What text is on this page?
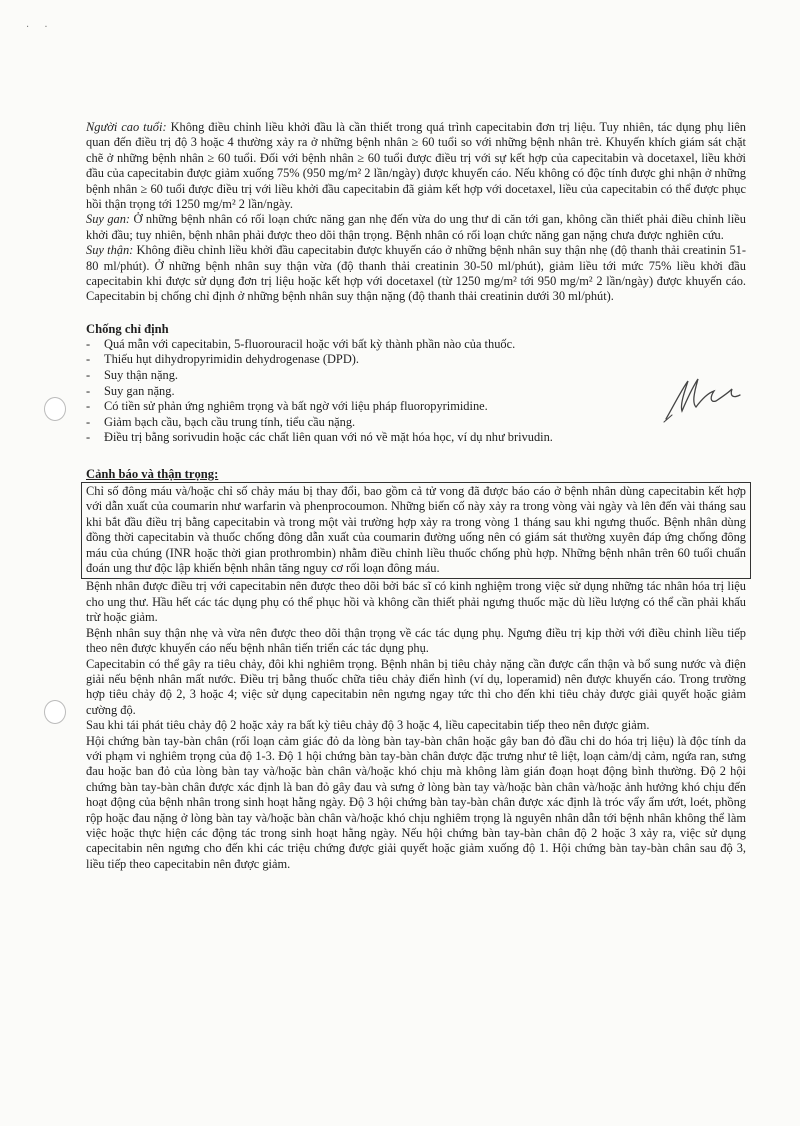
· ·

Người cao tuổi: Không điều chỉnh liều khởi đầu là cần thiết trong quá trình capecitabin đơn trị liệu. Tuy nhiên, tác dụng phụ liên quan đến điều trị độ 3 hoặc 4 thường xảy ra ở những bệnh nhân ≥ 60 tuổi so với những bệnh nhân trẻ. Khuyến khích giám sát chặt chẽ ở những bệnh nhân ≥ 60 tuổi. Đối với bệnh nhân ≥ 60 tuổi được điều trị với sự kết hợp của capecitabin và docetaxel, liều khởi đầu của capecitabin được giảm xuống 75% (950 mg/m² 2 lần/ngày) được khuyến cáo. Nếu không có độc tính được ghi nhận ở những bệnh nhân ≥ 60 tuổi được điều trị với liều khởi đầu capecitabin đã giảm kết hợp với docetaxel, liều của capecitabin có thể được phục hồi thận trọng tới 1250 mg/m² 2 lần/ngày.

Suy gan: Ở những bệnh nhân có rối loạn chức năng gan nhẹ đến vừa do ung thư di căn tới gan, không cần thiết phải điều chỉnh liều khởi đầu; tuy nhiên, bệnh nhân phải được theo dõi thận trọng. Bệnh nhân có rối loạn chức năng gan nặng chưa được nghiên cứu.

Suy thận: Không điều chỉnh liều khởi đầu capecitabin được khuyến cáo ở những bệnh nhân suy thận nhẹ (độ thanh thải creatinin 51-80 ml/phút). Ở những bệnh nhân suy thận vừa (độ thanh thải creatinin 30-50 ml/phút), giảm liều tới mức 75% liều khởi đầu capecitabin khi được sử dụng đơn trị liệu hoặc kết hợp với docetaxel (từ 1250 mg/m² tới 950 mg/m² 2 lần/ngày) được khuyến cáo. Capecitabin bị chống chỉ định ở những bệnh nhân suy thận nặng (độ thanh thải creatinin dưới 30 ml/phút).

Chống chỉ định
- Quá mẫn với capecitabin, 5-fluorouracil hoặc với bất kỳ thành phần nào của thuốc.
- Thiếu hụt dihydropyrimidin dehydrogenase (DPD).
- Suy thận nặng.
- Suy gan nặng.
- Có tiền sử phản ứng nghiêm trọng và bất ngờ với liệu pháp fluoropyrimidine.
- Giảm bạch cầu, bạch cầu trung tính, tiểu cầu nặng.
- Điều trị bằng sorivudin hoặc các chất liên quan với nó về mặt hóa học, ví dụ như brivudin.
Cảnh báo và thận trọng:

Chỉ số đông máu và/hoặc chỉ số chảy máu bị thay đổi, bao gồm cả tử vong đã được báo cáo ở bệnh nhân dùng capecitabin kết hợp với dẫn xuất của coumarin như warfarin và phenprocoumon. Những biến cố này xảy ra trong vòng vài ngày và lên đến vài tháng sau khi bắt đầu điều trị bằng capecitabin và trong một vài trường hợp xảy ra trong vòng 1 tháng sau khi ngưng thuốc. Bệnh nhân dùng đồng thời capecitabin và thuốc chống đông dẫn xuất của coumarin đường uống nên có giám sát thường xuyên đáp ứng chống đông máu của chúng (INR hoặc thời gian prothrombin) nhằm điều chỉnh liều thuốc chống phù hợp. Những bệnh nhân trên 60 tuổi chuẩn đoán ung thư độc lập khiến bệnh nhân tăng nguy cơ rối loạn đông máu.

Bệnh nhân được điều trị với capecitabin nên được theo dõi bởi bác sĩ có kinh nghiệm trong việc sử dụng những tác nhân hóa trị liệu cho ung thư. Hầu hết các tác dụng phụ có thể phục hồi và không cần thiết phải ngưng thuốc mặc dù liều lượng có thể cần phải khấu trừ hoặc giảm.

Bệnh nhân suy thận nhẹ và vừa nên được theo dõi thận trọng về các tác dụng phụ. Ngưng điều trị kịp thời với điều chỉnh liều tiếp theo nên được khuyến cáo nếu bệnh nhân tiến triển các tác dụng phụ.

Capecitabin có thể gây ra tiêu chảy, đôi khi nghiêm trọng. Bệnh nhân bị tiêu chảy nặng cần được cẩn thận và bổ sung nước và điện giải nếu bệnh nhân mất nước. Điều trị bằng thuốc chữa tiêu chảy điển hình (ví dụ, loperamid) nên được khuyến cáo. Trong trường hợp tiêu chảy độ 2, 3 hoặc 4; việc sử dụng capecitabin nên ngưng ngay tức thì cho đến khi tiêu chảy được giải quyết hoặc giảm cường độ.

Sau khi tái phát tiêu chảy độ 2 hoặc xảy ra bất kỳ tiêu chảy độ 3 hoặc 4, liều capecitabin tiếp theo nên được giảm.

Hội chứng bàn tay-bàn chân (rối loạn cảm giác đỏ da lòng bàn tay-bàn chân hoặc gây ban đỏ đầu chi do hóa trị liệu) là độc tính da với phạm vi nghiêm trọng của độ 1-3. Độ 1 hội chứng bàn tay-bàn chân được đặc trưng như tê liệt, loạn cảm/dị cảm, ngứa ran, sưng đau hoặc ban đỏ của lòng bàn tay và/hoặc bàn chân và/hoặc khó chịu mà không làm gián đoạn hoạt động bình thường. Độ 2 hội chứng bàn tay-bàn chân được xác định là ban đỏ gây đau và sưng ở lòng bàn tay và/hoặc bàn chân và/hoặc ảnh hưởng khó chịu đến hoạt động của bệnh nhân trong sinh hoạt hằng ngày. Độ 3 hội chứng bàn tay-bàn chân được xác định là tróc vẩy ẩm ướt, loét, phồng rộp hoặc đau nặng ở lòng bàn tay và/hoặc bàn chân và/hoặc khó chịu nghiêm trọng là nguyên nhân dẫn tới bệnh nhân không thể làm việc hoặc thực hiện các động tác trong sinh hoạt hằng ngày. Nếu hội chứng bàn tay-bàn chân độ 2 hoặc 3 xảy ra, việc sử dụng capecitabin nên ngưng cho đến khi các triệu chứng được giải quyết hoặc giảm xuống độ 1. Hội chứng bàn tay-bàn chân sau độ 3, liều tiếp theo capecitabin nên được giảm.
